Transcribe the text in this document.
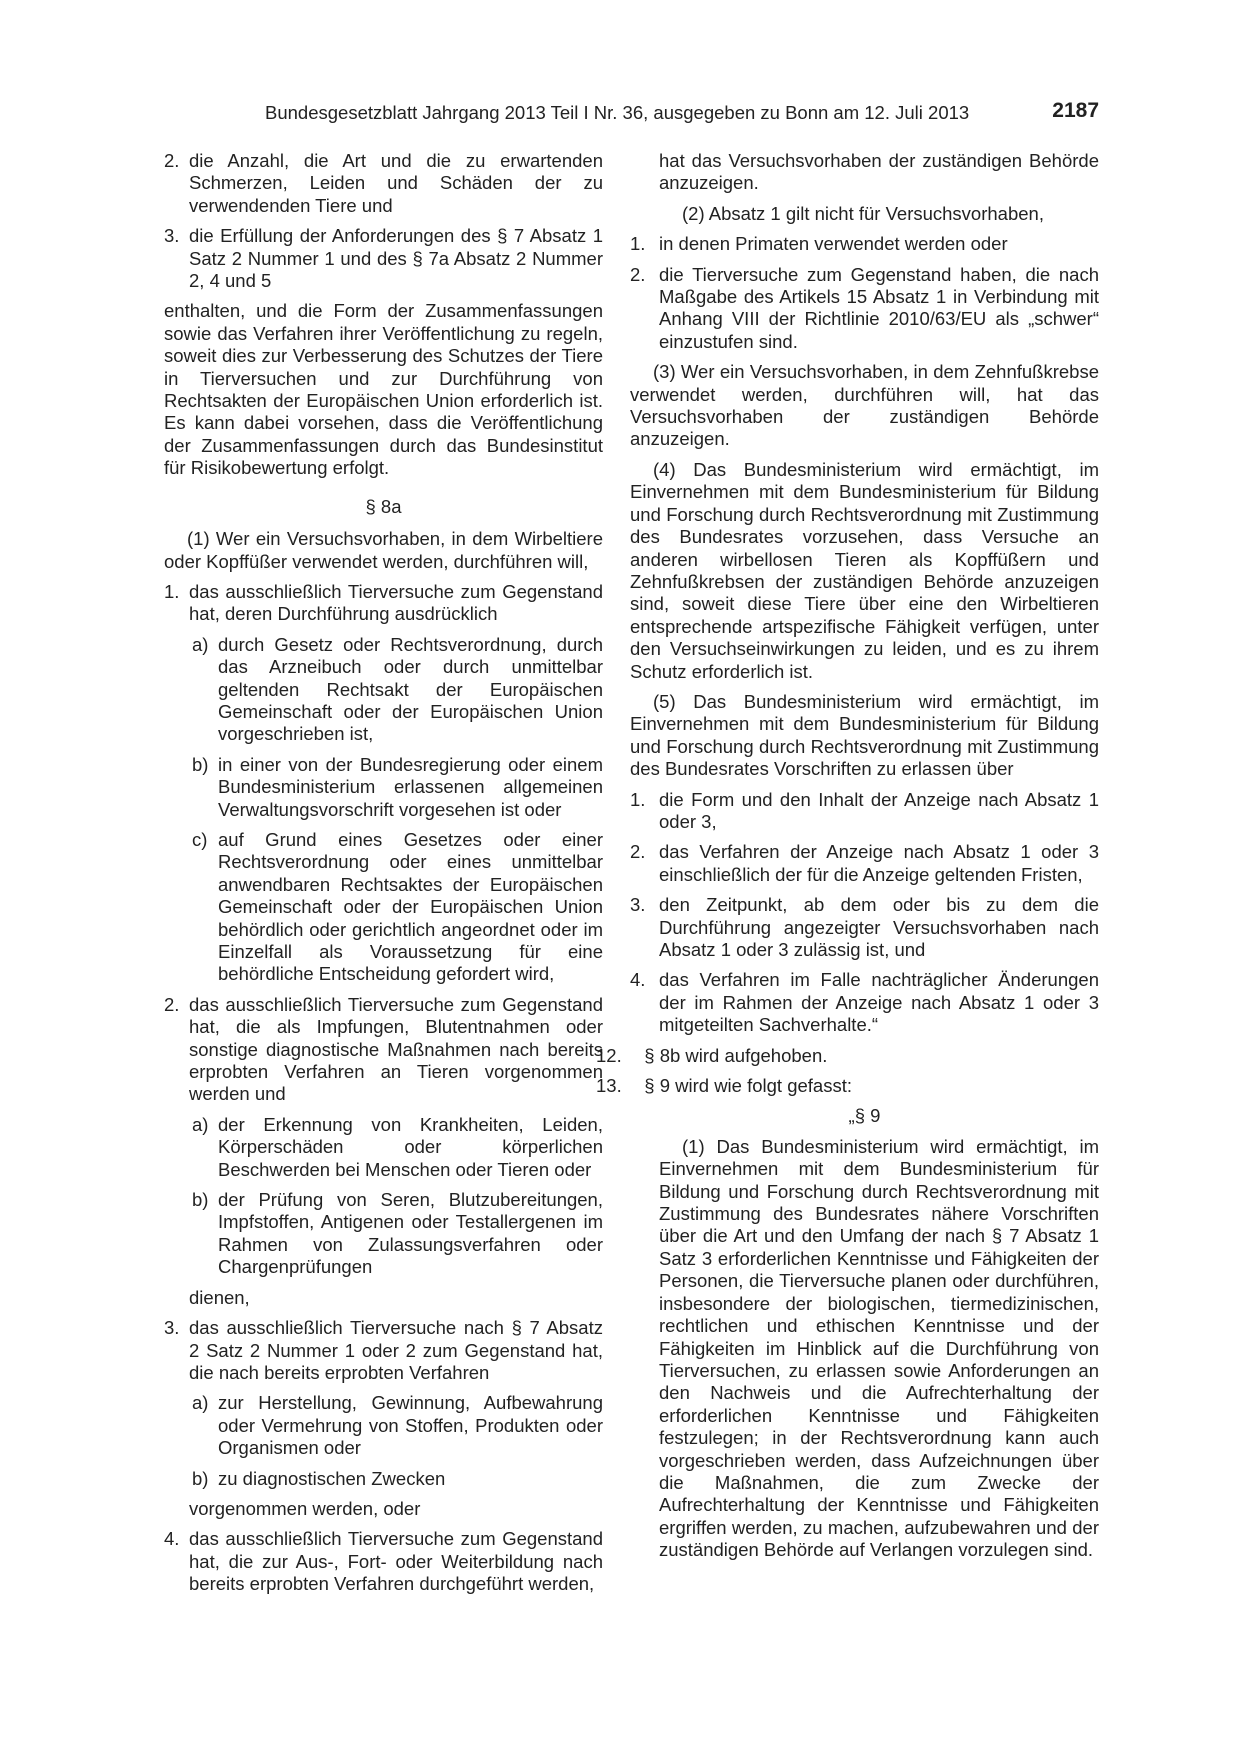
Bundesgesetzblatt Jahrgang 2013 Teil I Nr. 36, ausgegeben zu Bonn am 12. Juli 2013	2187
2. die Anzahl, die Art und die zu erwartenden Schmerzen, Leiden und Schäden der zu verwendenden Tiere und
3. die Erfüllung der Anforderungen des § 7 Absatz 1 Satz 2 Nummer 1 und des § 7a Absatz 2 Nummer 2, 4 und 5

enthalten, und die Form der Zusammenfassungen sowie das Verfahren ihrer Veröffentlichung zu regeln, soweit dies zur Verbesserung des Schutzes der Tiere in Tierversuchen und zur Durchführung von Rechtsakten der Europäischen Union erforderlich ist. Es kann dabei vorsehen, dass die Veröffentlichung der Zusammenfassungen durch das Bundesinstitut für Risikobewertung erfolgt.

§ 8a

(1) Wer ein Versuchsvorhaben, in dem Wirbeltiere oder Kopffüßer verwendet werden, durchführen will,

1. das ausschließlich Tierversuche zum Gegenstand hat, deren Durchführung ausdrücklich
a) durch Gesetz oder Rechtsverordnung, durch das Arzneibuch oder durch unmittelbar geltenden Rechtsakt der Europäischen Gemeinschaft oder der Europäischen Union vorgeschrieben ist,
b) in einer von der Bundesregierung oder einem Bundesministerium erlassenen allgemeinen Verwaltungsvorschrift vorgesehen ist oder
c) auf Grund eines Gesetzes oder einer Rechtsverordnung oder eines unmittelbar anwendbaren Rechtsaktes der Europäischen Gemeinschaft oder der Europäischen Union behördlich oder gerichtlich angeordnet oder im Einzelfall als Voraussetzung für eine behördliche Entscheidung gefordert wird,
2. das ausschließlich Tierversuche zum Gegenstand hat, die als Impfungen, Blutentnahmen oder sonstige diagnostische Maßnahmen nach bereits erprobten Verfahren an Tieren vorgenommen werden und
a) der Erkennung von Krankheiten, Leiden, Körperschäden oder körperlichen Beschwerden bei Menschen oder Tieren oder
b) der Prüfung von Seren, Blutzubereitungen, Impfstoffen, Antigenen oder Testallergenen im Rahmen von Zulassungsverfahren oder Chargenprüfungen

dienen,

3. das ausschließlich Tierversuche nach § 7 Absatz 2 Satz 2 Nummer 1 oder 2 zum Gegenstand hat, die nach bereits erprobten Verfahren
a) zur Herstellung, Gewinnung, Aufbewahrung oder Vermehrung von Stoffen, Produkten oder Organismen oder
b) zu diagnostischen Zwecken

vorgenommen werden, oder

4. das ausschließlich Tierversuche zum Gegenstand hat, die zur Aus-, Fort- oder Weiterbildung nach bereits erprobten Verfahren durchgeführt werden,

hat das Versuchsvorhaben der zuständigen Behörde anzuzeigen.

(2) Absatz 1 gilt nicht für Versuchsvorhaben,

1. in denen Primaten verwendet werden oder
2. die Tierversuche zum Gegenstand haben, die nach Maßgabe des Artikels 15 Absatz 1 in Verbindung mit Anhang VIII der Richtlinie 2010/63/EU als „schwer“ einzustufen sind.

(3) Wer ein Versuchsvorhaben, in dem Zehnfußkrebse verwendet werden, durchführen will, hat das Versuchsvorhaben der zuständigen Behörde anzuzeigen.

(4) Das Bundesministerium wird ermächtigt, im Einvernehmen mit dem Bundesministerium für Bildung und Forschung durch Rechtsverordnung mit Zustimmung des Bundesrates vorzusehen, dass Versuche an anderen wirbellosen Tieren als Kopffüßern und Zehnfußkrebsen der zuständigen Behörde anzuzeigen sind, soweit diese Tiere über eine den Wirbeltieren entsprechende artspezifische Fähigkeit verfügen, unter den Versuchseinwirkungen zu leiden, und es zu ihrem Schutz erforderlich ist.

(5) Das Bundesministerium wird ermächtigt, im Einvernehmen mit dem Bundesministerium für Bildung und Forschung durch Rechtsverordnung mit Zustimmung des Bundesrates Vorschriften zu erlassen über

1. die Form und den Inhalt der Anzeige nach Absatz 1 oder 3,
2. das Verfahren der Anzeige nach Absatz 1 oder 3 einschließlich der für die Anzeige geltenden Fristen,
3. den Zeitpunkt, ab dem oder bis zu dem die Durchführung angezeigter Versuchsvorhaben nach Absatz 1 oder 3 zulässig ist, und
4. das Verfahren im Falle nachträglicher Änderungen der im Rahmen der Anzeige nach Absatz 1 oder 3 mitgeteilten Sachverhalte.“
12. § 8b wird aufgehoben.
13. § 9 wird wie folgt gefasst:

„§ 9

(1) Das Bundesministerium wird ermächtigt, im Einvernehmen mit dem Bundesministerium für Bildung und Forschung durch Rechtsverordnung mit Zustimmung des Bundesrates nähere Vorschriften über die Art und den Umfang der nach § 7 Absatz 1 Satz 3 erforderlichen Kenntnisse und Fähigkeiten der Personen, die Tierversuche planen oder durchführen, insbesondere der biologischen, tiermedizinischen, rechtlichen und ethischen Kenntnisse und der Fähigkeiten im Hinblick auf die Durchführung von Tierversuchen, zu erlassen sowie Anforderungen an den Nachweis und die Aufrechterhaltung der erforderlichen Kenntnisse und Fähigkeiten festzulegen; in der Rechtsverordnung kann auch vorgeschrieben werden, dass Aufzeichnungen über die Maßnahmen, die zum Zwecke der Aufrechterhaltung der Kenntnisse und Fähigkeiten ergriffen werden, zu machen, aufzubewahren und der zuständigen Behörde auf Verlangen vorzulegen sind.
